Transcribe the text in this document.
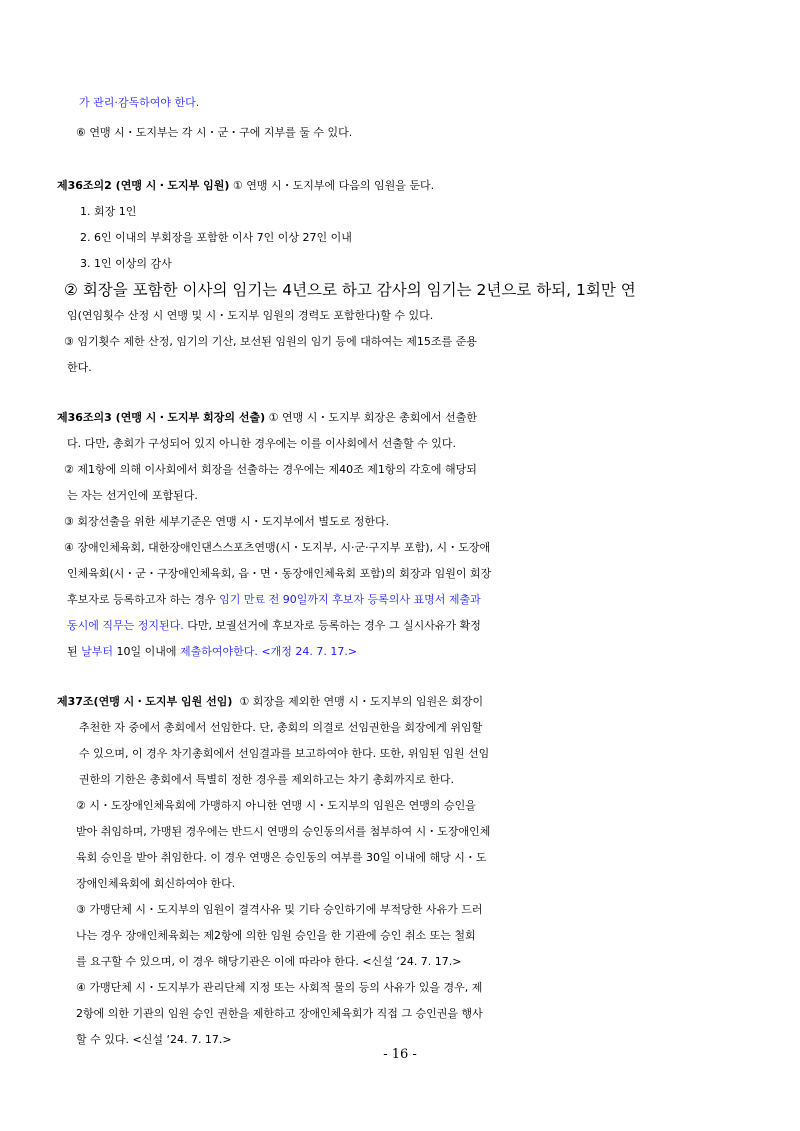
가 관리·감독하여야 한다.
⑥ 연맹 시・도지부는 각 시・군・구에 지부를 둘 수 있다.
제36조의2 (연맹 시・도지부 임원) ① 연맹 시・도지부에 다음의 임원을 둔다.
1. 회장 1인
2. 6인 이내의 부회장을 포함한 이사 7인 이상 27인 이내
3. 1인 이상의 감사
② 회장을 포함한 이사의 임기는 4년으로 하고 감사의 임기는 2년으로 하되, 1회만 연
임(연임횟수 산정 시 연맹 및 시・도지부 임원의 경력도 포함한다)할 수 있다.
③ 임기횟수 제한 산정, 임기의 기산, 보선된 임원의 임기 등에 대하여는 제15조를 준용
한다.
제36조의3 (연맹 시・도지부 회장의 선출) ① 연맹 시・도지부 회장은 총회에서 선출한
다. 다만, 총회가 구성되어 있지 아니한 경우에는 이를 이사회에서 선출할 수 있다.
② 제1항에 의해 이사회에서 회장을 선출하는 경우에는 제40조 제1항의 각호에 해당되
는 자는 선거인에 포함된다.
③ 회장선출을 위한 세부기준은 연맹 시・도지부에서 별도로 정한다.
④ 장애인체육회, 대한장애인댄스스포츠연맹(시・도지부, 시·군·구지부 포함), 시・도장애
인체육회(시・군・구장애인체육회, 읍・면・동장애인체육회 포함)의 회장과 임원이 회장
후보자로 등록하고자 하는 경우 임기 만료 전 90일까지 후보자 등록의사 표명서 제출과
동시에 직무는 정지된다. 다만, 보궐선거에 후보자로 등록하는 경우 그 실시사유가 확정
된 날부터 10일 이내에 제출하여야한다. <개정 24. 7. 17.>
제37조(연맹 시・도지부 임원 선임)  ① 회장을 제외한 연맹 시・도지부의 임원은 회장이
추천한 자 중에서 총회에서 선임한다. 단, 총회의 의결로 선임권한을 회장에게 위임할
수 있으며, 이 경우 차기총회에서 선임결과를 보고하여야 한다. 또한, 위임된 임원 선임
권한의 기한은 총회에서 특별히 정한 경우를 제외하고는 차기 총회까지로 한다.
② 시・도장애인체육회에 가맹하지 아니한 연맹 시・도지부의 임원은 연맹의 승인을
받아 취임하며, 가맹된 경우에는 반드시 연맹의 승인동의서를 첨부하여 시・도장애인체
육회 승인을 받아 취임한다. 이 경우 연맹은 승인동의 여부를 30일 이내에 해당 시・도
장애인체육회에 회신하여야 한다.
③ 가맹단체 시・도지부의 임원이 결격사유 및 기타 승인하기에 부적당한 사유가 드러
나는 경우 장애인체육회는 제2항에 의한 임원 승인을 한 기관에 승인 취소 또는 철회
를 요구할 수 있으며, 이 경우 해당기관은 이에 따라야 한다. <신설 ‘24. 7. 17.>
④ 가맹단체 시・도지부가 관리단체 지정 또는 사회적 물의 등의 사유가 있을 경우, 제
2항에 의한 기관의 임원 승인 권한을 제한하고 장애인체육회가 직접 그 승인권을 행사
할 수 있다. <신설 ‘24. 7. 17.>
- 16 -
